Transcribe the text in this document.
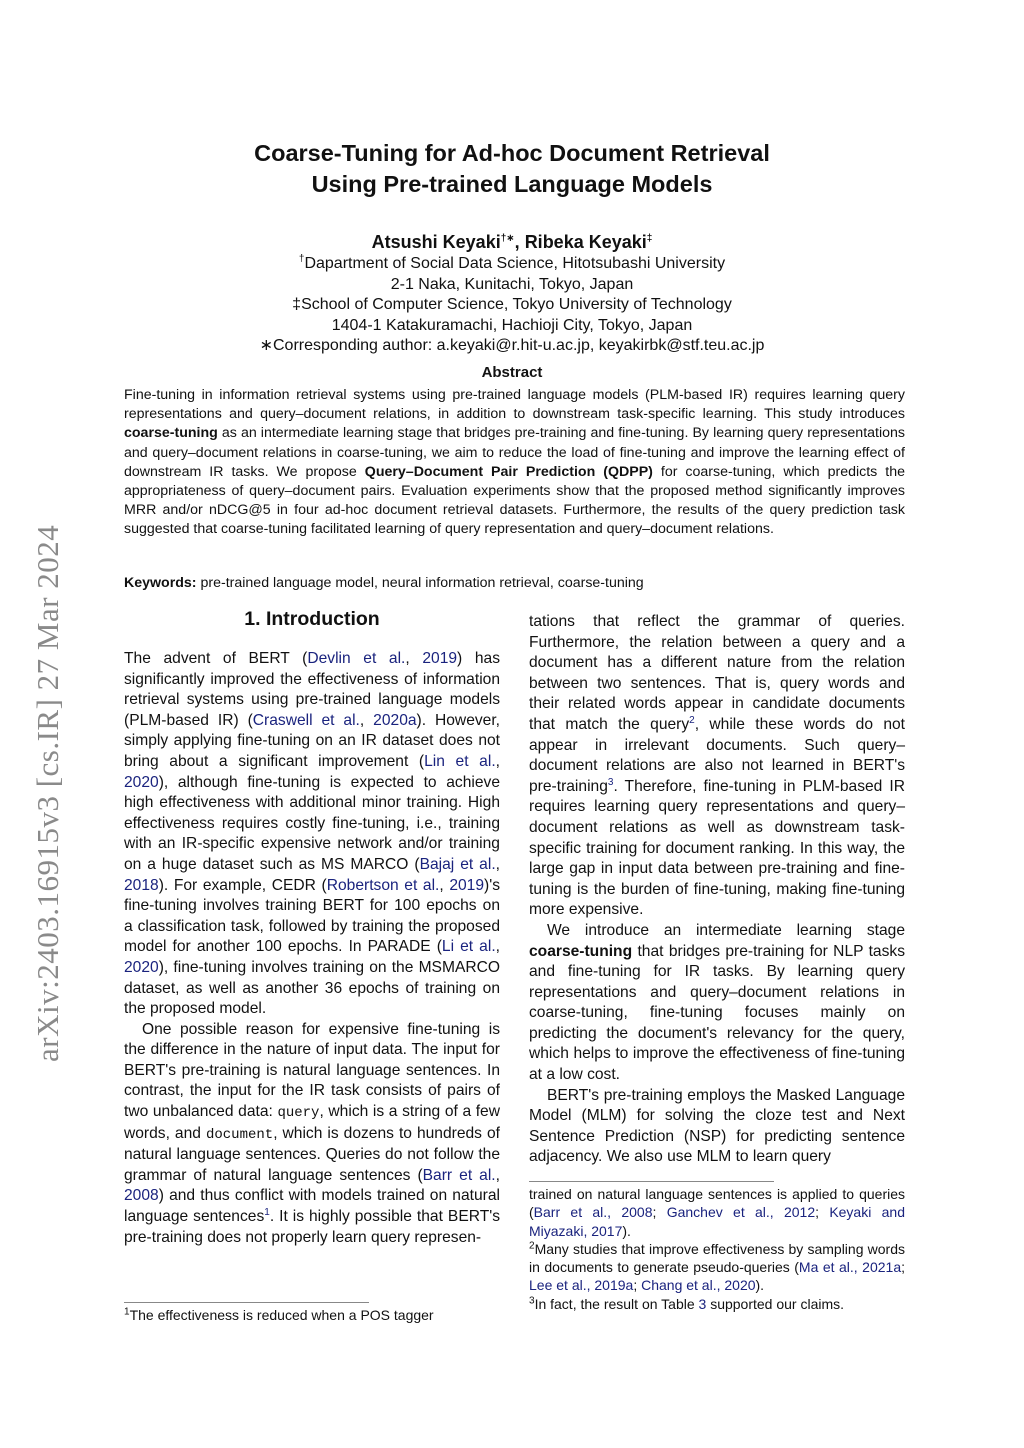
arXiv:2403.16915v3 [cs.IR] 27 Mar 2024
Coarse-Tuning for Ad-hoc Document Retrieval
Using Pre-trained Language Models
Atsushi Keyaki†∗, Ribeka Keyaki‡
†Dapartment of Social Data Science, Hitotsubashi University
2-1 Naka, Kunitachi, Tokyo, Japan
‡School of Computer Science, Tokyo University of Technology
1404-1 Katakuramachi, Hachioji City, Tokyo, Japan
∗Corresponding author: a.keyaki@r.hit-u.ac.jp, keyakirbk@stf.teu.ac.jp
Abstract
Fine-tuning in information retrieval systems using pre-trained language models (PLM-based IR) requires learning query representations and query–document relations, in addition to downstream task-specific learning. This study introduces coarse-tuning as an intermediate learning stage that bridges pre-training and fine-tuning. By learning query representations and query–document relations in coarse-tuning, we aim to reduce the load of fine-tuning and improve the learning effect of downstream IR tasks. We propose Query–Document Pair Prediction (QDPP) for coarse-tuning, which predicts the appropriateness of query–document pairs. Evaluation experiments show that the proposed method significantly improves MRR and/or nDCG@5 in four ad-hoc document retrieval datasets. Furthermore, the results of the query prediction task suggested that coarse-tuning facilitated learning of query representation and query–document relations.
Keywords: pre-trained language model, neural information retrieval, coarse-tuning
1. Introduction

The advent of BERT (Devlin et al., 2019) has significantly improved the effectiveness of information retrieval systems using pre-trained language models (PLM-based IR) (Craswell et al., 2020a). However, simply applying fine-tuning on an IR dataset does not bring about a significant improvement (Lin et al., 2020), although fine-tuning is expected to achieve high effectiveness with additional minor training. High effectiveness requires costly fine-tuning, i.e., training with an IR-specific expensive network and/or training on a huge dataset such as MS MARCO (Bajaj et al., 2018). For example, CEDR (Robertson et al., 2019)'s fine-tuning involves training BERT for 100 epochs on a classification task, followed by training the proposed model for another 100 epochs. In PARADE (Li et al., 2020), fine-tuning involves training on the MSMARCO dataset, as well as another 36 epochs of training on the proposed model.

One possible reason for expensive fine-tuning is the difference in the nature of input data. The input for BERT's pre-training is natural language sentences. In contrast, the input for the IR task consists of pairs of two unbalanced data: query, which is a string of a few words, and document, which is dozens to hundreds of natural language sentences. Queries do not follow the grammar of natural language sentences (Barr et al., 2008) and thus conflict with models trained on natural language sentences$^1$. It is highly possible that BERT's pre-training does not properly learn query represen-

tations that reflect the grammar of queries. Furthermore, the relation between a query and a document has a different nature from the relation between two sentences. That is, query words and their related words appear in candidate documents that match the query$^2$, while these words do not appear in irrelevant documents. Such query–document relations are also not learned in BERT's pre-training$^3$. Therefore, fine-tuning in PLM-based IR requires learning query representations and query–document relations as well as downstream task-specific training for document ranking. In this way, the large gap in input data between pre-training and fine-tuning is the burden of fine-tuning, making fine-tuning more expensive.

We introduce an intermediate learning stage coarse-tuning that bridges pre-training for NLP tasks and fine-tuning for IR tasks. By learning query representations and query–document relations in coarse-tuning, fine-tuning focuses mainly on predicting the document's relevancy for the query, which helps to improve the effectiveness of fine-tuning at a low cost.

BERT's pre-training employs the Masked Language Model (MLM) for solving the cloze test and Next Sentence Prediction (NSP) for predicting sentence adjacency. We also use MLM to learn query

$^1$The effectiveness is reduced when a POS tagger

trained on natural language sentences is applied to queries (Barr et al., 2008; Ganchev et al., 2012; Keyaki and Miyazaki, 2017).

$^2$Many studies that improve effectiveness by sampling words in documents to generate pseudo-queries (Ma et al., 2021a; Lee et al., 2019a; Chang et al., 2020).

$^3$In fact, the result on Table 3 supported our claims.
